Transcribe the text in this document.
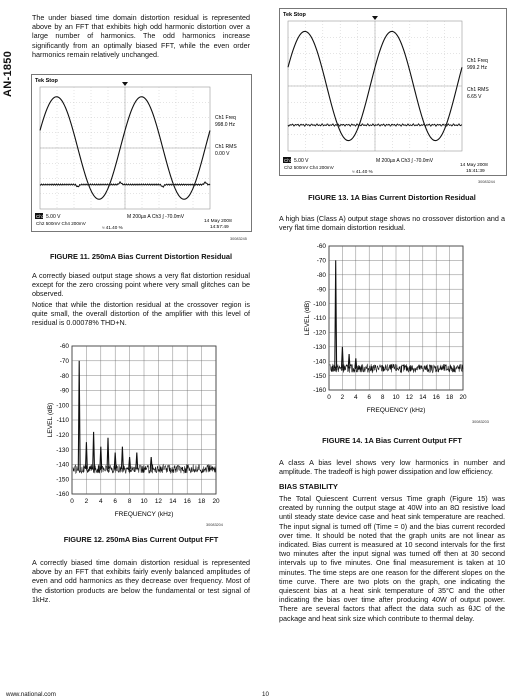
AN-1850

The under biased time domain distortion residual is represented above by an FFT that exhibits high odd harmonic distortion over a large number of harmonics. The odd harmonics increase significantly from an optimally biased FFT, while the even order harmonics remain relatively unchanged.

Tek Stop
Ch1 Freq
998.0 Hz
Ch1 RMS
0.00 V
Ch1 5.00 V	M 200µs A Ch3 ∫ -70.0mV
Ch2 500mV Ch4 200mV
≈ 41.40 %
14 May 2008
14:57:49
30083245

FIGURE 11. 250mA Bias Current Distortion Residual

A correctly biased output stage shows a very flat distortion residual except for the zero crossing point where very small glitches can be observed.

Notice that while the distortion residual at the crossover region is quite small, the overall distortion of the amplifier with this level of residual is 0.00078% THD+N.

0 2 4 6 8 10 12 14 16 18 20
-60
-70
-80
-90
-100
-110
-120
-130
-140
-150
-160
FREQUENCY (kHz)
LEVEL (dB)
30083204

FIGURE 12. 250mA Bias Current Output FFT

A correctly biased time domain distortion residual is represented above by an FFT that exhibits fairly evenly balanced amplitudes of even and odd harmonics as they decrease over frequency. Most of the distortion products are below the fundamental or test signal of 1kHz.

Tek Stop
Ch1 Freq
999.2 Hz
Ch1 RMS
6.65 V
Ch1 5.00 V	M 200µs A Ch3 ∫ -70.0mV
Ch2 500mV Ch4 200mV
≈ 41.40 %
14 May 2008
15:41:39
30083244

FIGURE 13. 1A Bias Current Distortion Residual

A high bias (Class A) output stage shows no crossover distortion and a very flat time domain distortion residual.

0 2 4 6 8 10 12 14 16 18 20
-60
-70
-80
-90
-100
-110
-120
-130
-140
-150
-160
FREQUENCY (kHz)
LEVEL (dB)
30083203

FIGURE 14. 1A Bias Current Output FFT

A class A bias level shows very low harmonics in number and amplitude. The tradeoff is high power dissipation and low efficiency.

BIAS STABILITY

The Total Quiescent Current versus Time graph (Figure 15) was created by running the output stage at 40W into an 8Ω resistive load until steady state device case and heat sink temperature are reached. The input signal is turned off (Time = 0) and the bias current recorded over time. It should be noted that the graph units are not linear as indicated. Bias current is measured at 10 second intervals for the first two minutes after the input signal was turned off then at 30 second intervals up to five minutes. One final measurement is taken at 10 minutes. The time steps are one reason for the different slopes on the time curve. There are two plots on the graph, one indicating the quiescent bias at a heat sink temperature of 35°C and the other indicating the bias over time after producing 40W of output power. There are several factors that affect the data such as θJC of the package and heat sink size which contribute to thermal delay.

www.national.com	10
